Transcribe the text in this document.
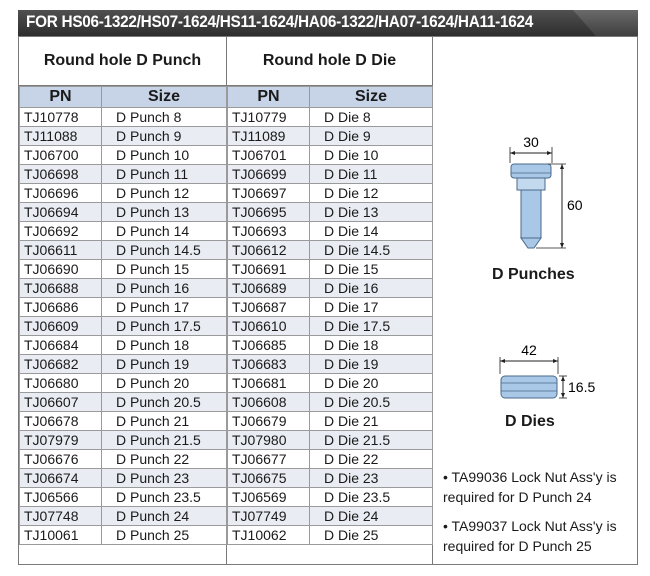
FOR HS06-1322/HS07-1624/HS11-1624/HA06-1322/HA07-1624/HA11-1624
Round hole D Punch	Round hole D Die
PN	Size
TJ10778	D Punch 8
TJ11088	D Punch 9
TJ06700	D Punch 10
TJ06698	D Punch 11
TJ06696	D Punch 12
TJ06694	D Punch 13
TJ06692	D Punch 14
TJ06611	D Punch 14.5
TJ06690	D Punch 15
TJ06688	D Punch 16
TJ06686	D Punch 17
TJ06609	D Punch 17.5
TJ06684	D Punch 18
TJ06682	D Punch 19
TJ06680	D Punch 20
TJ06607	D Punch 20.5
TJ06678	D Punch 21
TJ07979	D Punch 21.5
TJ06676	D Punch 22
TJ06674	D Punch 23
TJ06566	D Punch 23.5
TJ07748	D Punch 24
TJ10061	D Punch 25
PN	Size
TJ10779	D Die 8
TJ11089	D Die 9
TJ06701	D Die 10
TJ06699	D Die 11
TJ06697	D Die 12
TJ06695	D Die 13
TJ06693	D Die 14
TJ06612	D Die 14.5
TJ06691	D Die 15
TJ06689	D Die 16
TJ06687	D Die 17
TJ06610	D Die 17.5
TJ06685	D Die 18
TJ06683	D Die 19
TJ06681	D Die 20
TJ06608	D Die 20.5
TJ06679	D Die 21
TJ07980	D Die 21.5
TJ06677	D Die 22
TJ06675	D Die 23
TJ06569	D Die 23.5
TJ07749	D Die 24
TJ10062	D Die 25
30
60
D Punches
42
16.5
D Dies
• TA99036 Lock Nut Ass'y is required for D Punch 24
• TA99037 Lock Nut Ass'y is required for D Punch 25
